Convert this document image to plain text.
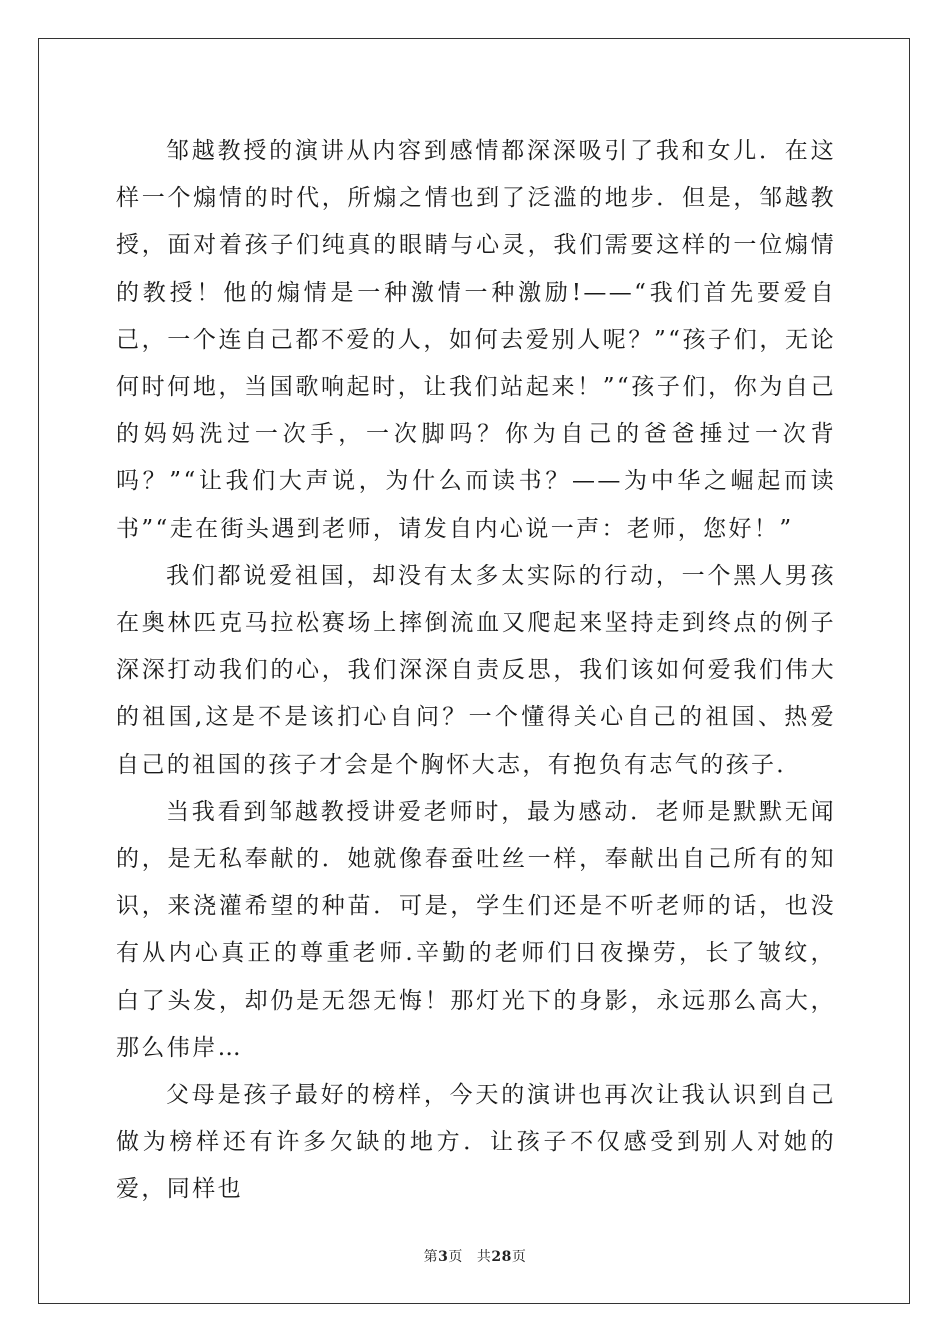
邹越教授的演讲从内容到感情都深深吸引了我和女儿．在这样一个煽情的时代，所煽之情也到了泛滥的地步．但是，邹越教授，面对着孩子们纯真的眼睛与心灵，我们需要这样的一位煽情的教授！他的煽情是一种激情一种激励!——“我们首先要爱自己，一个连自己都不爱的人，如何去爱别人呢？”“孩子们，无论何时何地，当国歌响起时，让我们站起来！”“孩子们，你为自己的妈妈洗过一次手，一次脚吗？你为自己的爸爸捶过一次背吗？”“让我们大声说，为什么而读书？——为中华之崛起而读书”“走在街头遇到老师，请发自内心说一声：老师，您好！”

我们都说爱祖国，却没有太多太实际的行动，一个黑人男孩在奥林匹克马拉松赛场上摔倒流血又爬起来坚持走到终点的例子深深打动我们的心，我们深深自责反思，我们该如何爱我们伟大的祖国,这是不是该扪心自问？一个懂得关心自己的祖国、热爱自己的祖国的孩子才会是个胸怀大志，有抱负有志气的孩子．

当我看到邹越教授讲爱老师时，最为感动．老师是默默无闻的，是无私奉献的．她就像春蚕吐丝一样，奉献出自己所有的知识，来浇灌希望的种苗．可是，学生们还是不听老师的话，也没有从内心真正的尊重老师.辛勤的老师们日夜操劳，长了皱纹，白了头发，却仍是无怨无悔！那灯光下的身影，永远那么高大，那么伟岸…

父母是孩子最好的榜样，今天的演讲也再次让我认识到自己做为榜样还有许多欠缺的地方．让孩子不仅感受到别人对她的爱，同样也

第3页 共28页
